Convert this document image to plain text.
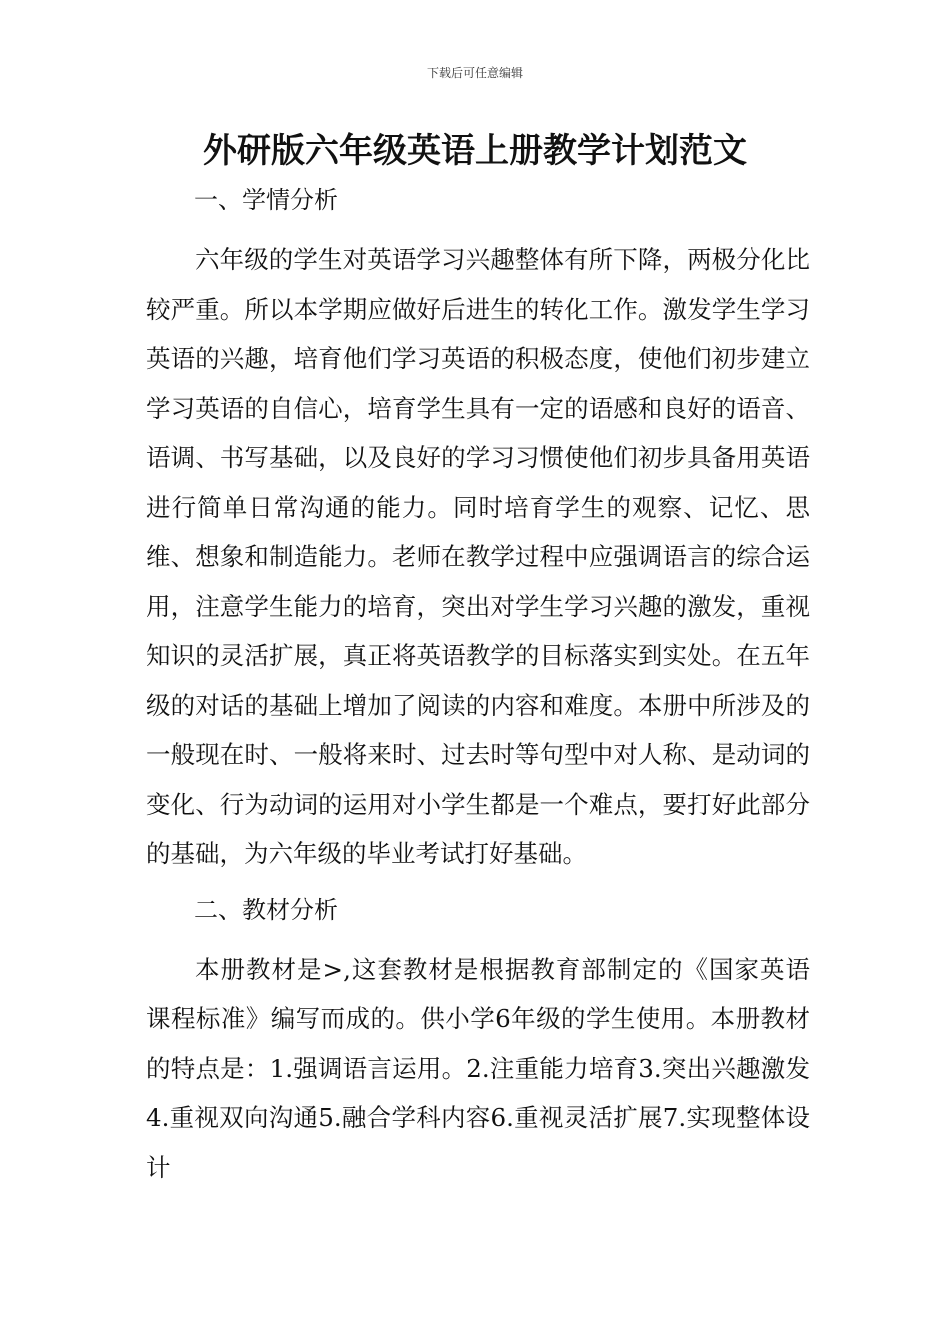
下载后可任意编辑
外研版六年级英语上册教学计划范文
一、学情分析

六年级的学生对英语学习兴趣整体有所下降，两极分化比较严重。所以本学期应做好后进生的转化工作。激发学生学习英语的兴趣，培育他们学习英语的积极态度，使他们初步建立学习英语的自信心，培育学生具有一定的语感和良好的语音、语调、书写基础，以及良好的学习习惯使他们初步具备用英语进行简单日常沟通的能力。同时培育学生的观察、记忆、思维、想象和制造能力。老师在教学过程中应强调语言的综合运用，注意学生能力的培育，突出对学生学习兴趣的激发，重视知识的灵活扩展，真正将英语教学的目标落实到实处。在五年级的对话的基础上增加了阅读的内容和难度。本册中所涉及的一般现在时、一般将来时、过去时等句型中对人称、是动词的变化、行为动词的运用对小学生都是一个难点，要打好此部分的基础，为六年级的毕业考试打好基础。

二、教材分析

本册教材是>,这套教材是根据教育部制定的《国家英语课程标准》编写而成的。供小学6年级的学生使用。本册教材的特点是：1.强调语言运用。2.注重能力培育3.突出兴趣激发4.重视双向沟通5.融合学科内容6.重视灵活扩展7.实现整体设计
